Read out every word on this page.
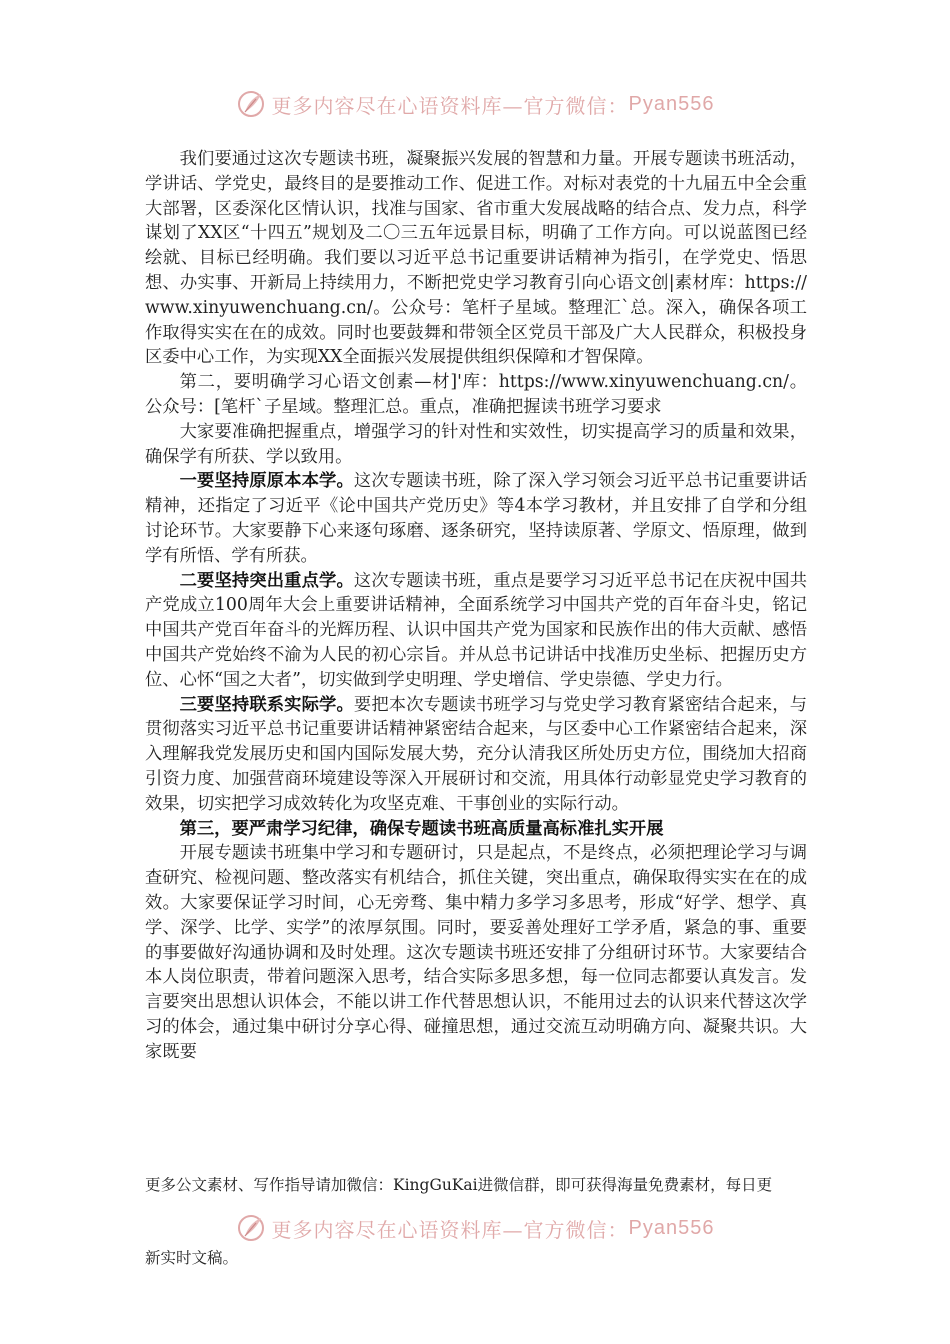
更多内容尽在心语资料库—官方微信： Pyan556

我们要通过这次专题读书班，凝聚振兴发展的智慧和力量。开展专题读书班活动，学讲话、学党史，最终目的是要推动工作、促进工作。对标对表党的十九届五中全会重大部署，区委深化区情认识，找准与国家、省市重大发展战略的结合点、发力点，科学谋划了XX区“十四五”规划及二〇三五年远景目标，明确了工作方向。可以说蓝图已经绘就、目标已经明确。我们要以习近平总书记重要讲话精神为指引，在学党史、悟思想、办实事、开新局上持续用力，不断把党史学习教育引向心语文创|素材库：https://www.xinyuwenchuang.cn/。公众号：笔杆子星域。整理汇`总。深入，确保各项工作取得实实在在的成效。同时也要鼓舞和带领全区党员干部及广大人民群众，积极投身区委中心工作，为实现XX全面振兴发展提供组织保障和才智保障。

第二，要明确学习心语文创素—材]'库：https://www.xinyuwenchuang.cn/。公众号：[笔杆`子星域。整理汇总。重点，准确把握读书班学习要求

大家要准确把握重点，增强学习的针对性和实效性，切实提高学习的质量和效果，确保学有所获、学以致用。

一要坚持原原本本学。这次专题读书班，除了深入学习领会习近平总书记重要讲话精神，还指定了习近平《论中国共产党历史》等4本学习教材，并且安排了自学和分组讨论环节。大家要静下心来逐句琢磨、逐条研究，坚持读原著、学原文、悟原理，做到学有所悟、学有所获。

二要坚持突出重点学。这次专题读书班，重点是要学习习近平总书记在庆祝中国共产党成立100周年大会上重要讲话精神，全面系统学习中国共产党的百年奋斗史，铭记中国共产党百年奋斗的光辉历程、认识中国共产党为国家和民族作出的伟大贡献、感悟中国共产党始终不渝为人民的初心宗旨。并从总书记讲话中找准历史坐标、把握历史方位、心怀“国之大者”，切实做到学史明理、学史增信、学史崇德、学史力行。

三要坚持联系实际学。要把本次专题读书班学习与党史学习教育紧密结合起来，与贯彻落实习近平总书记重要讲话精神紧密结合起来，与区委中心工作紧密结合起来，深入理解我党发展历史和国内国际发展大势，充分认清我区所处历史方位，围绕加大招商引资力度、加强营商环境建设等深入开展研讨和交流，用具体行动彰显党史学习教育的效果，切实把学习成效转化为攻坚克难、干事创业的实际行动。

第三，要严肃学习纪律，确保专题读书班高质量高标准扎实开展

开展专题读书班集中学习和专题研讨，只是起点，不是终点，必须把理论学习与调查研究、检视问题、整改落实有机结合，抓住关键，突出重点，确保取得实实在在的成效。大家要保证学习时间，心无旁骛、集中精力多学习多思考，形成“好学、想学、真学、深学、比学、实学”的浓厚氛围。同时，要妥善处理好工学矛盾，紧急的事、重要的事要做好沟通协调和及时处理。这次专题读书班还安排了分组研讨环节。大家要结合本人岗位职责，带着问题深入思考，结合实际多思多想，每一位同志都要认真发言。发言要突出思想认识体会，不能以讲工作代替思想认识，不能用过去的认识来代替这次学习的体会，通过集中研讨分享心得、碰撞思想，通过交流互动明确方向、凝聚共识。大家既要

更多公文素材、写作指导请加微信：KingGuKai进微信群，即可获得海量免费素材，每日更
更多内容尽在心语资料库—官方微信： Pyan556
新实时文稿。
